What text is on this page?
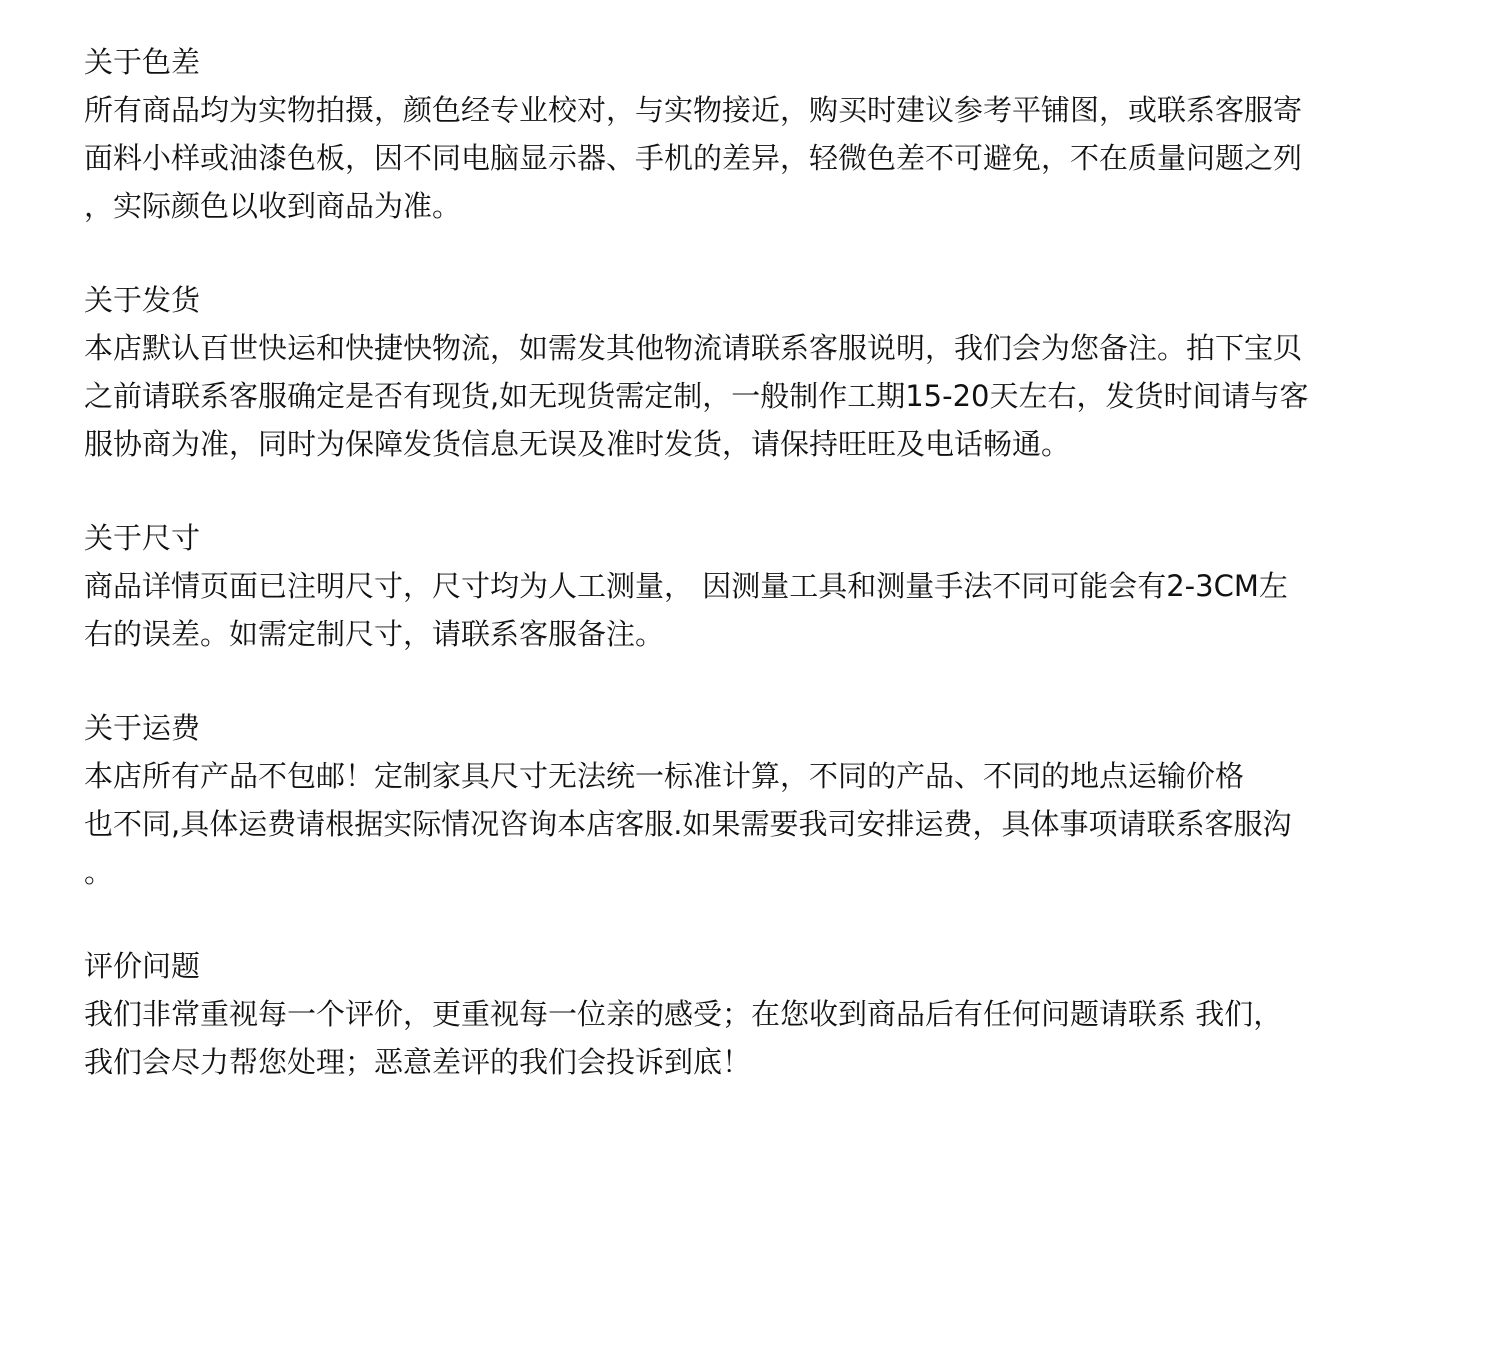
关于色差
所有商品均为实物拍摄，颜色经专业校对，与实物接近，购买时建议参考平铺图，或联系客服寄
面料小样或油漆色板，因不同电脑显示器、手机的差异，轻微色差不可避免，不在质量问题之列
，实际颜色以收到商品为准。
关于发货
本店默认百世快运和快捷快物流，如需发其他物流请联系客服说明，我们会为您备注。拍下宝贝
之前请联系客服确定是否有现货,如无现货需定制，一般制作工期15-20天左右，发货时间请与客
服协商为准，同时为保障发货信息无误及准时发货，请保持旺旺及电话畅通。
关于尺寸
商品详情页面已注明尺寸，尺寸均为人工测量， 因测量工具和测量手法不同可能会有2-3CM左
右的误差。如需定制尺寸，请联系客服备注。
关于运费
本店所有产品不包邮！定制家具尺寸无法统一标准计算，不同的产品、不同的地点运输价格
也不同,具体运费请根据实际情况咨询本店客服.如果需要我司安排运费，具体事项请联系客服沟
。
评价问题
我们非常重视每一个评价，更重视每一位亲的感受；在您收到商品后有任何问题请联系 我们，
我们会尽力帮您处理；恶意差评的我们会投诉到底！
